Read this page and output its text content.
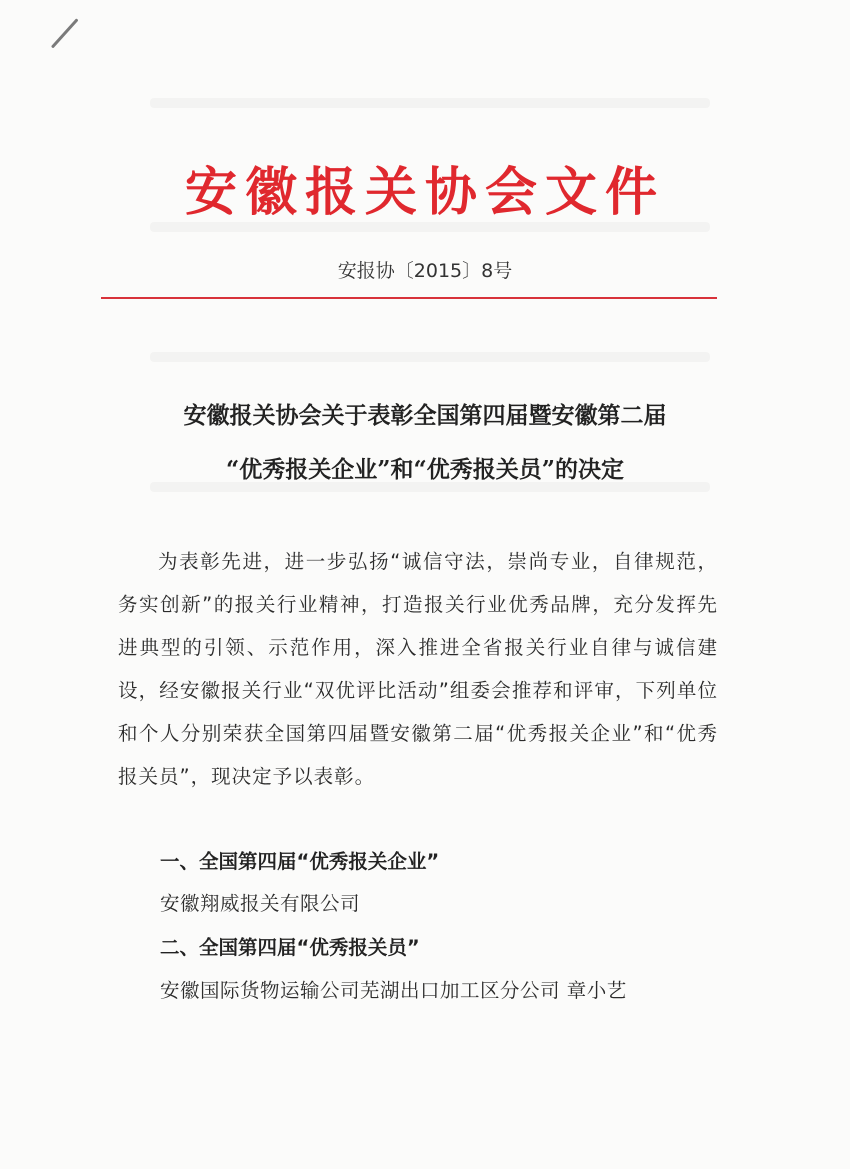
安徽报关协会文件

安报协〔2015〕8号

安徽报关协会关于表彰全国第四届暨安徽第二届
“优秀报关企业”和“优秀报关员”的决定

为表彰先进，进一步弘扬“诚信守法，崇尚专业，自律规范，务实创新”的报关行业精神，打造报关行业优秀品牌，充分发挥先进典型的引领、示范作用，深入推进全省报关行业自律与诚信建设，经安徽报关行业“双优评比活动”组委会推荐和评审，下列单位和个人分别荣获全国第四届暨安徽第二届“优秀报关企业”和“优秀报关员”，现决定予以表彰。

一、全国第四届“优秀报关企业”

安徽翔威报关有限公司

二、全国第四届“优秀报关员”

安徽国际货物运输公司芜湖出口加工区分公司 章小艺
